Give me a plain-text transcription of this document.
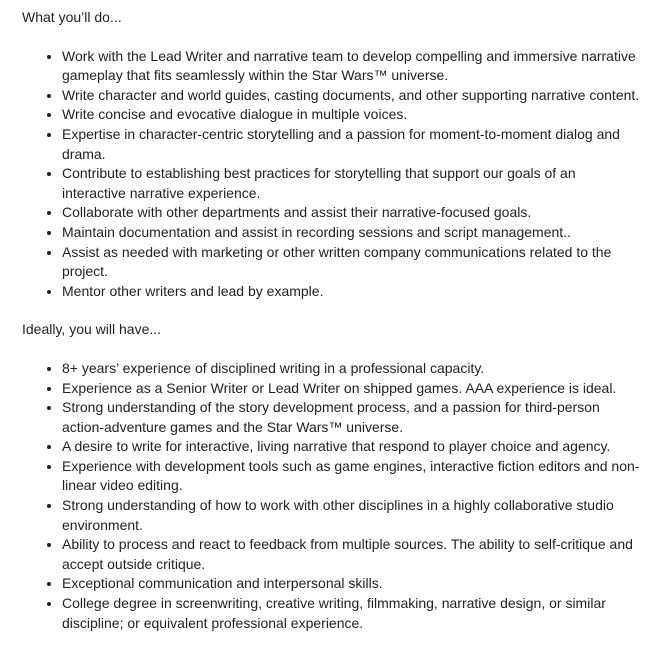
What you’ll do...

• Work with the Lead Writer and narrative team to develop compelling and immersive narrative gameplay that fits seamlessly within the Star Wars™ universe.
• Write character and world guides, casting documents, and other supporting narrative content.
• Write concise and evocative dialogue in multiple voices.
• Expertise in character-centric storytelling and a passion for moment-to-moment dialog and drama.
• Contribute to establishing best practices for storytelling that support our goals of an interactive narrative experience.
• Collaborate with other departments and assist their narrative-focused goals.
• Maintain documentation and assist in recording sessions and script management..
• Assist as needed with marketing or other written company communications related to the project.
• Mentor other writers and lead by example.

Ideally, you will have...

• 8+ years’ experience of disciplined writing in a professional capacity.
• Experience as a Senior Writer or Lead Writer on shipped games. AAA experience is ideal.
• Strong understanding of the story development process, and a passion for third-person action-adventure games and the Star Wars™ universe.
• A desire to write for interactive, living narrative that respond to player choice and agency.
• Experience with development tools such as game engines, interactive fiction editors and non-linear video editing.
• Strong understanding of how to work with other disciplines in a highly collaborative studio environment.
• Ability to process and react to feedback from multiple sources. The ability to self-critique and accept outside critique.
• Exceptional communication and interpersonal skills.
• College degree in screenwriting, creative writing, filmmaking, narrative design, or similar discipline; or equivalent professional experience.
